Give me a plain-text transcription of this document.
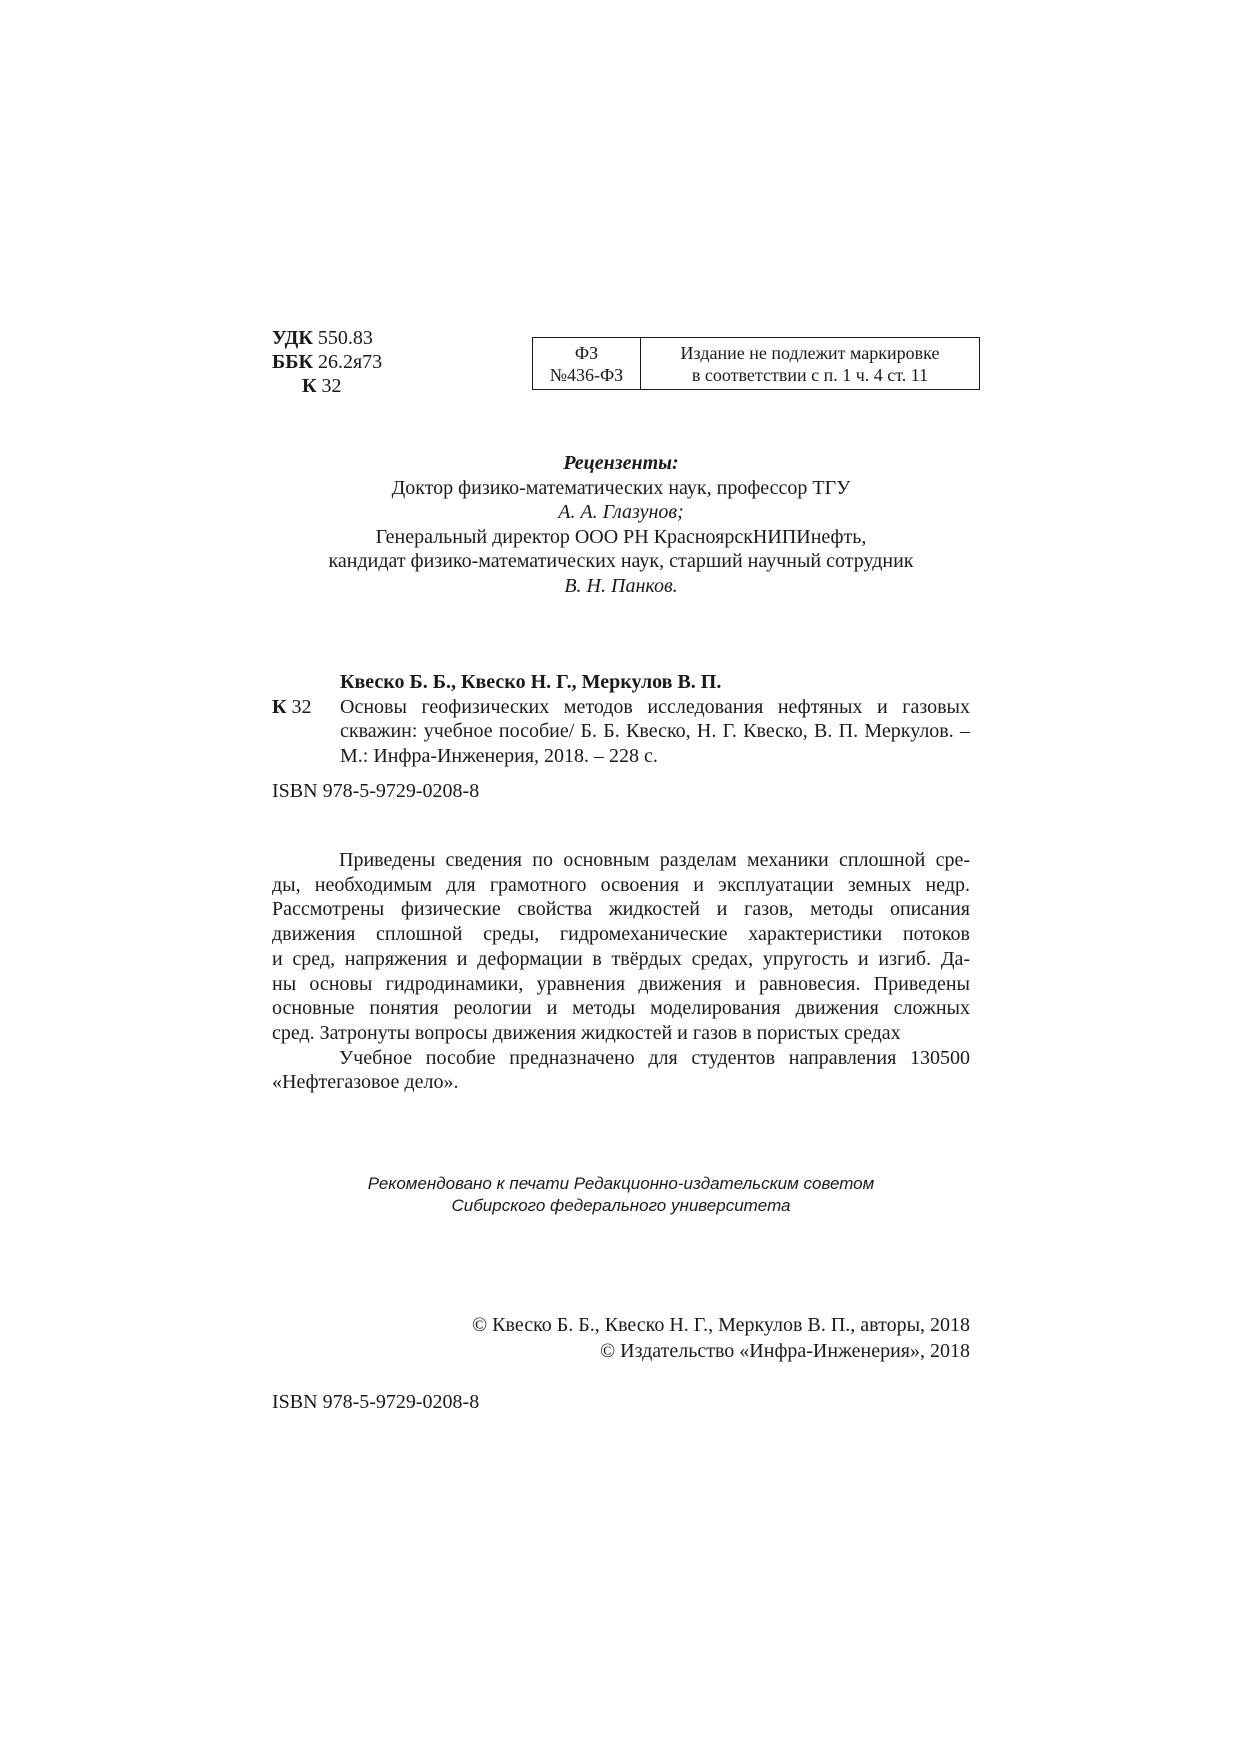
УДК 550.83
ББК 26.2я73
К 32
ФЗ
№436-ФЗ
Издание не подлежит маркировке
в соответствии с п. 1 ч. 4 ст. 11
Рецензенты:
Доктор физико-математических наук, профессор ТГУ
А. А. Глазунов;
Генеральный директор ООО РН КрасноярскНИПИнефть,
кандидат физико-математических наук, старший научный сотрудник
В. Н. Панков.
Квеско Б. Б., Квеско Н. Г., Меркулов В. П.
К 32	Основы геофизических методов исследования нефтяных и газовых
скважин: учебное пособие/ Б. Б. Квеско, Н. Г. Квеско, В. П. Меркулов. –
М.: Инфра-Инженерия, 2018. – 228 с.
ISBN 978-5-9729-0208-8
Приведены сведения по основным разделам механики сплошной сре-
ды, необходимым для грамотного освоения и эксплуатации земных недр.
Рассмотрены физические свойства жидкостей и газов, методы описания
движения сплошной среды, гидромеханические характеристики потоков
и сред, напряжения и деформации в твёрдых средах, упругость и изгиб. Да-
ны основы гидродинамики, уравнения движения и равновесия. Приведены
основные понятия реологии и методы моделирования движения сложных
сред. Затронуты вопросы движения жидкостей и газов в пористых средах
Учебное пособие предназначено для студентов направления 130500
«Нефтегазовое дело».
Рекомендовано к печати Редакционно-издательским советом
Сибирского федерального университета
© Квеско Б. Б., Квеско Н. Г., Меркулов В. П., авторы, 2018
© Издательство «Инфра-Инженерия», 2018
ISBN 978-5-9729-0208-8
